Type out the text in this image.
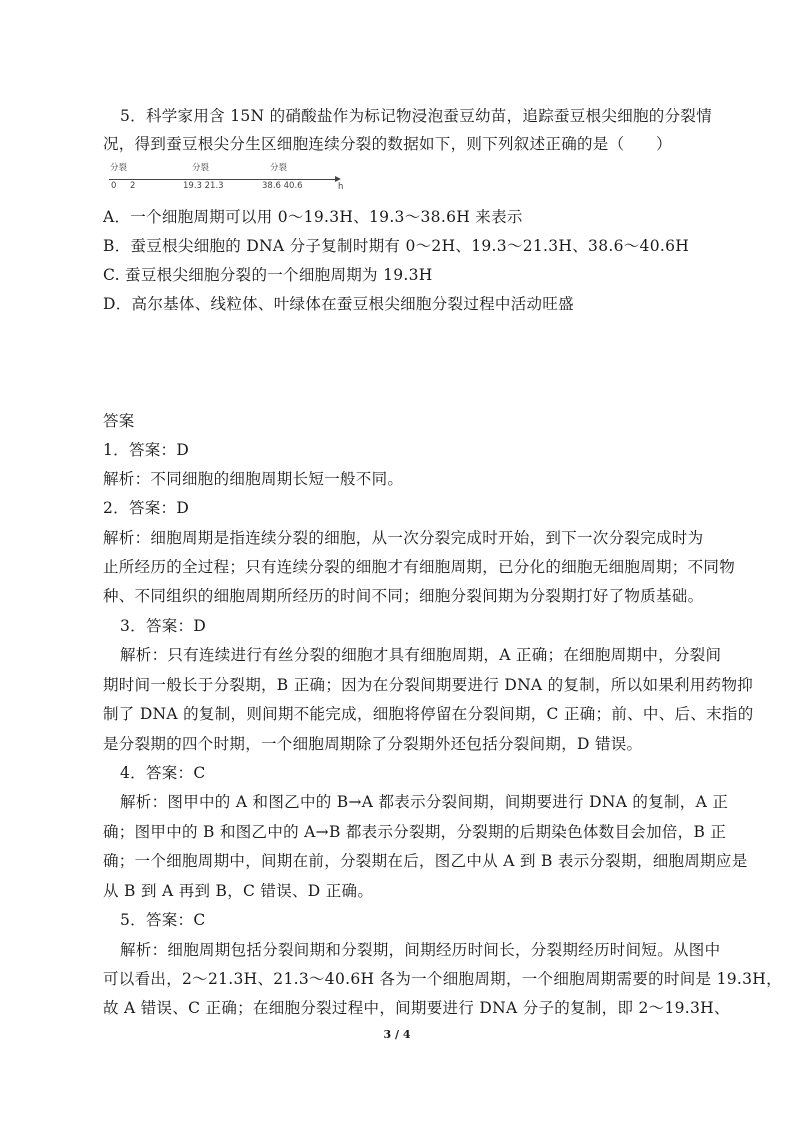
5．科学家用含 15N 的硝酸盐作为标记物浸泡蚕豆幼苗，追踪蚕豆根尖细胞的分裂情
况，得到蚕豆根尖分生区细胞连续分裂的数据如下，则下列叙述正确的是（　　）
分裂	分裂	分裂
0 2	19.3 21.3	38.6 40.6	h
A．一个细胞周期可以用 0～19.3H、19.3～38.6H 来表示
B．蚕豆根尖细胞的 DNA 分子复制时期有 0～2H、19.3～21.3H、38.6～40.6H
C. 蚕豆根尖细胞分裂的一个细胞周期为 19.3H
D．高尔基体、线粒体、叶绿体在蚕豆根尖细胞分裂过程中活动旺盛
答案
1．答案：D
解析：不同细胞的细胞周期长短一般不同。
2．答案：D
解析：细胞周期是指连续分裂的细胞，从一次分裂完成时开始，到下一次分裂完成时为
止所经历的全过程；只有连续分裂的细胞才有细胞周期，已分化的细胞无细胞周期；不同物
种、不同组织的细胞周期所经历的时间不同；细胞分裂间期为分裂期打好了物质基础。
3．答案：D
解析：只有连续进行有丝分裂的细胞才具有细胞周期，A 正确；在细胞周期中，分裂间
期时间一般长于分裂期，B 正确；因为在分裂间期要进行 DNA 的复制，所以如果利用药物抑
制了 DNA 的复制，则间期不能完成，细胞将停留在分裂间期，C 正确；前、中、后、末指的
是分裂期的四个时期，一个细胞周期除了分裂期外还包括分裂间期，D 错误。
4．答案：C
解析：图甲中的 A 和图乙中的 B→A 都表示分裂间期，间期要进行 DNA 的复制，A 正
确；图甲中的 B 和图乙中的 A→B 都表示分裂期，分裂期的后期染色体数目会加倍，B 正
确；一个细胞周期中，间期在前，分裂期在后，图乙中从 A 到 B 表示分裂期，细胞周期应是
从 B 到 A 再到 B，C 错误、D 正确。
5．答案：C
解析：细胞周期包括分裂间期和分裂期，间期经历时间长，分裂期经历时间短。从图中
可以看出，2～21.3H、21.3～40.6H 各为一个细胞周期，一个细胞周期需要的时间是 19.3H，
故 A 错误、C 正确；在细胞分裂过程中，间期要进行 DNA 分子的复制，即 2～19.3H、
3 / 4
